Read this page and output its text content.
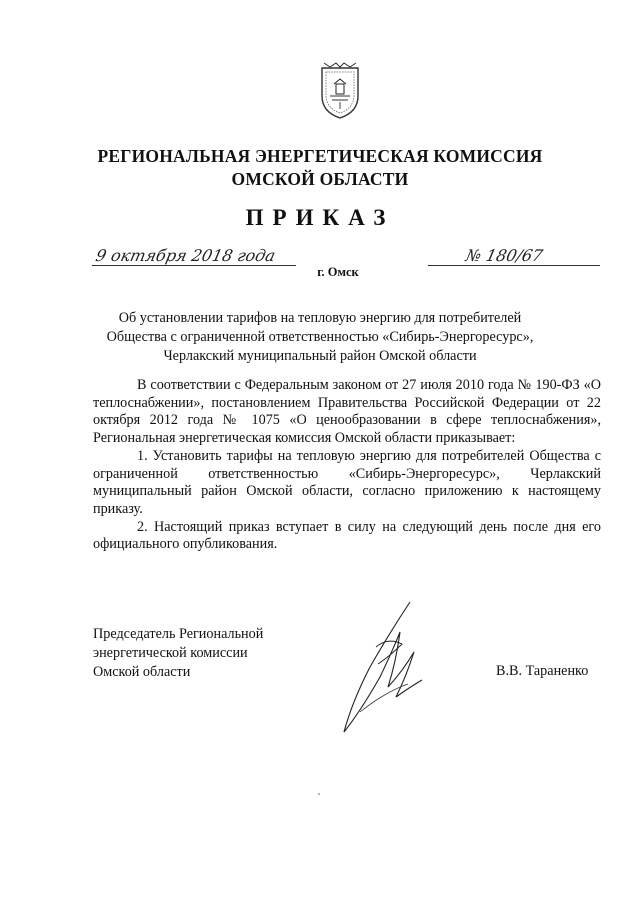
РЕГИОНАЛЬНАЯ ЭНЕРГЕТИЧЕСКАЯ КОМИССИЯ
ОМСКОЙ ОБЛАСТИ
ПРИКАЗ
9 октября 2018 года	№ 180/67
г. Омск
Об установлении тарифов на тепловую энергию для потребителей
Общества с ограниченной ответственностью «Сибирь-Энергоресурс»,
Черлакский муниципальный район Омской области

В соответствии с Федеральным законом от 27 июля 2010 года № 190-ФЗ «О теплоснабжении», постановлением Правительства Российской Федерации от 22 октября 2012 года № 1075 «О ценообразовании в сфере теплоснабжения», Региональная энергетическая комиссия Омской области приказывает:

1. Установить тарифы на тепловую энергию для потребителей Общества с ограниченной ответственностью «Сибирь-Энергоресурс», Черлакский муниципальный район Омской области, согласно приложению к настоящему приказу.

2. Настоящий приказ вступает в силу на следующий день после дня его официального опубликования.

Председатель Региональной
энергетической комиссии
Омской области	В.В. Тараненко
